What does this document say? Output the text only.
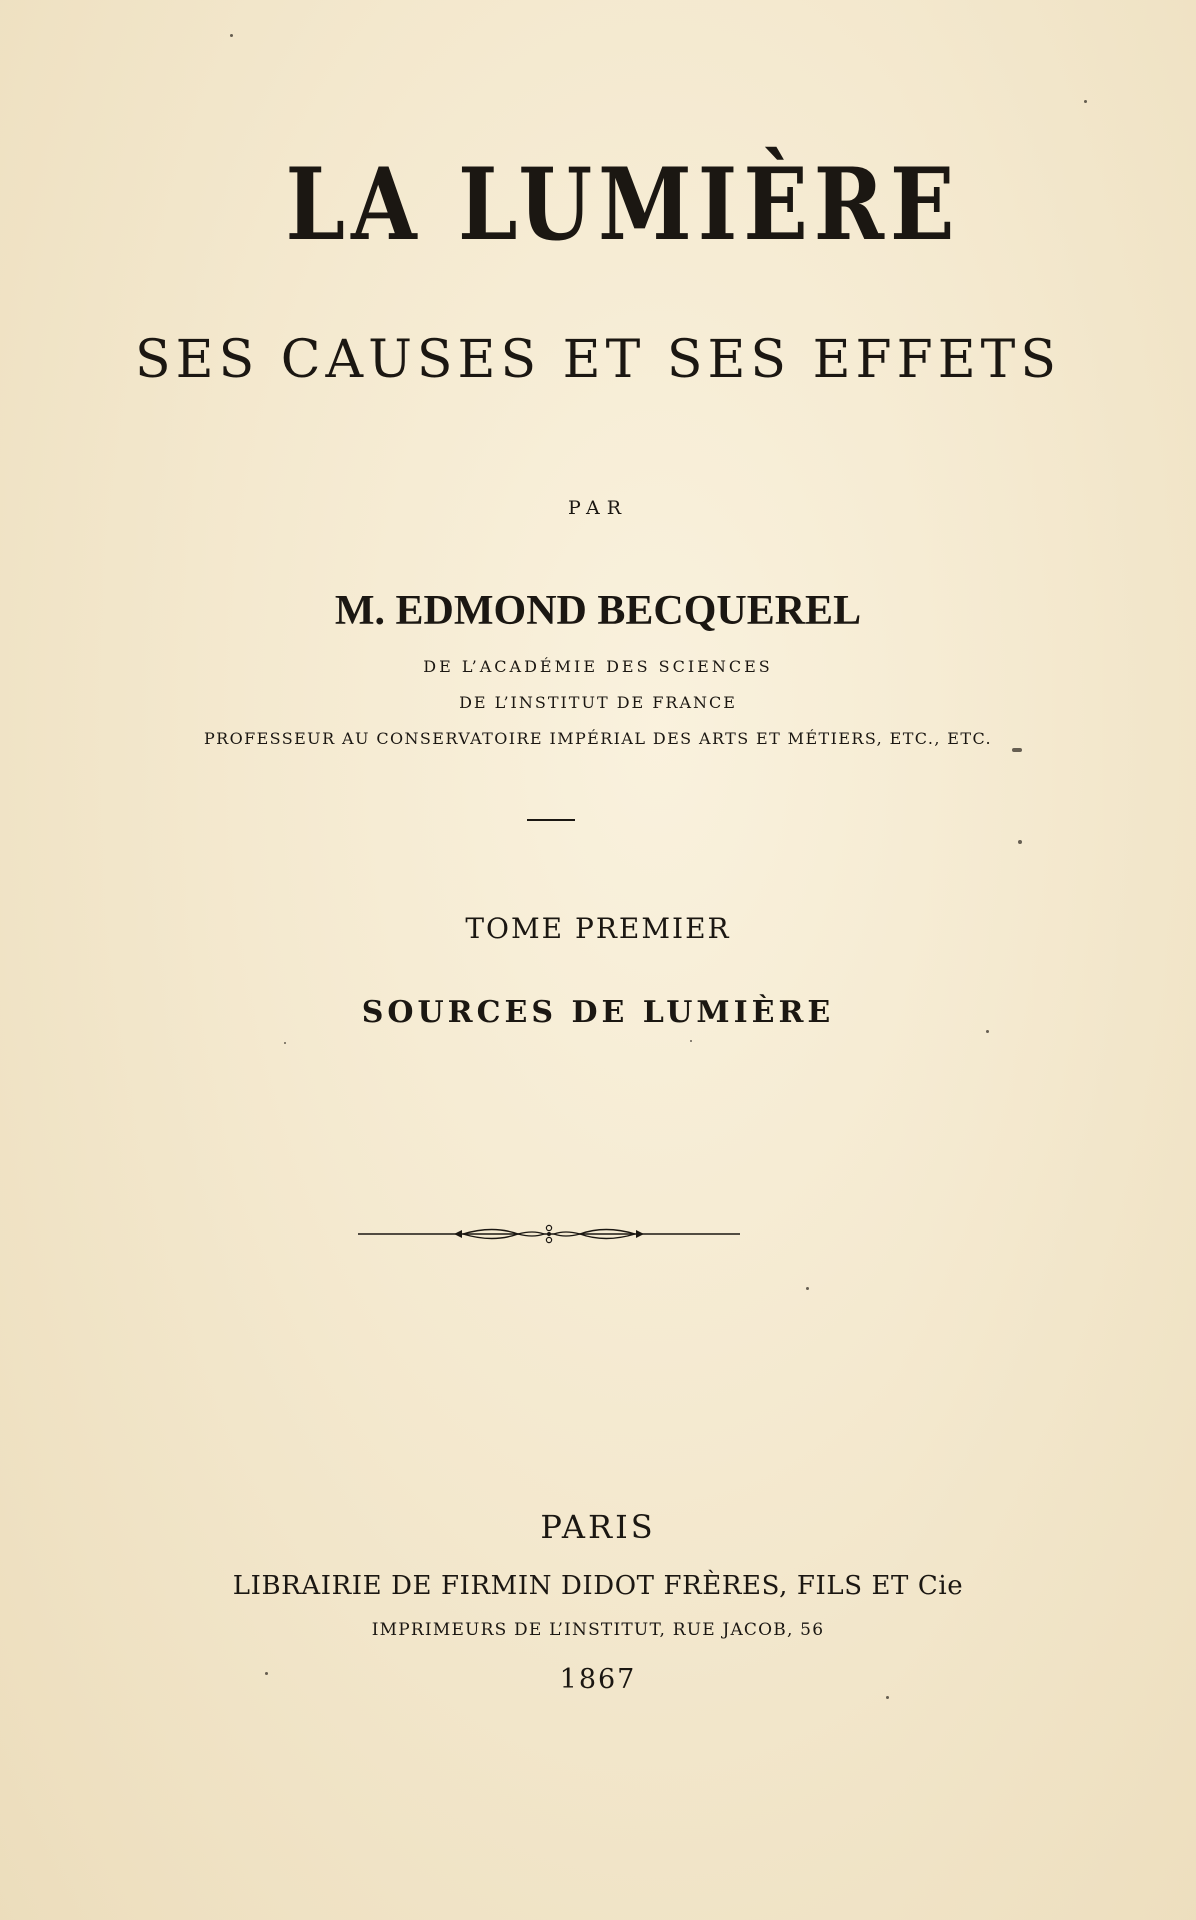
LA LUMIÈRE
SES CAUSES ET SES EFFETS
PAR
M. EDMOND BECQUEREL
DE L’ACADÉMIE DES SCIENCES
DE L’INSTITUT DE FRANCE
PROFESSEUR AU CONSERVATOIRE IMPÉRIAL DES ARTS ET MÉTIERS, ETC., ETC.
TOME PREMIER
SOURCES DE LUMIÈRE
PARIS
LIBRAIRIE DE FIRMIN DIDOT FRÈRES, FILS ET Cie
IMPRIMEURS DE L’INSTITUT, RUE JACOB, 56
1867
